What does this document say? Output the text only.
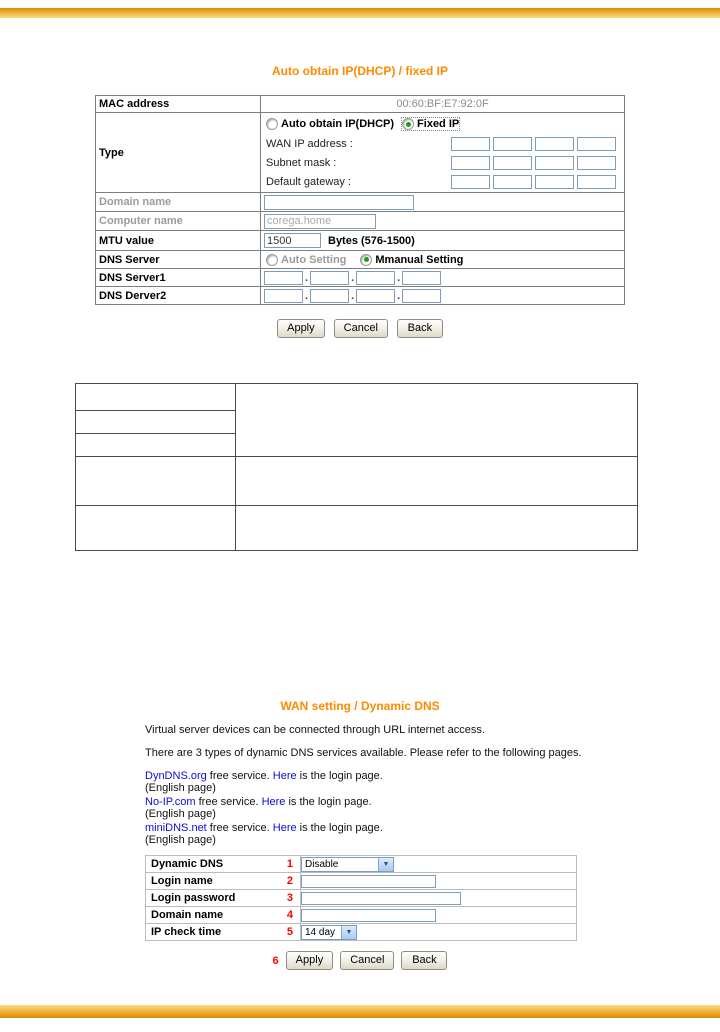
Auto obtain IP(DHCP) / fixed IP
MAC address	00:60:BF:E7:92:0F
Type	Auto obtain IP(DHCP) Fixed IP
WAN IP address :
Subnet mask :
Default gateway :

Domain name	
Computer name	corega.home
MTU value	1500Bytes (576-1500)
DNS Server	Auto Setting Mmanual Setting

DNS Server1	. . .
DNS Derver2	. . .
Apply	Cancel	Back

WAN setting / Dynamic DNS
Virtual server devices can be connected through URL internet access.
There are 3 types of dynamic DNS services available. Please refer to the following pages.
DynDNS.org free service. Here is the login page.
(English page)
No-IP.com free service. Here is the login page.
(English page)
miniDNS.net free service. Here is the login page.
(English page)
Dynamic DNS 1	Disable ▼

Login name 2

Login password 3

Domain name 4

IP check time 5	14 day ▼
6	Apply	Cancel	Back
